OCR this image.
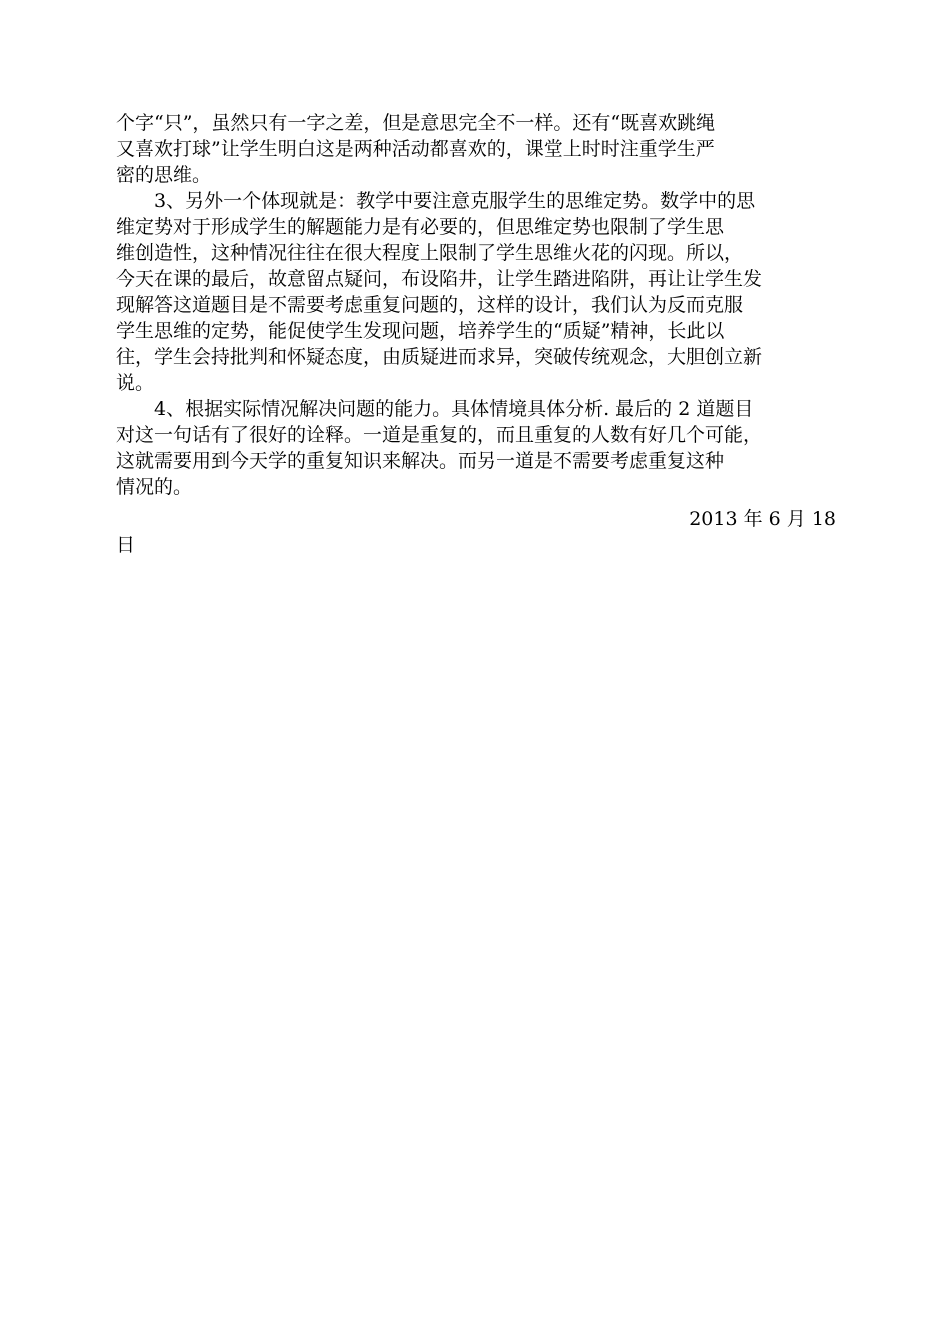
个字“只”，虽然只有一字之差，但是意思完全不一样。还有“既喜欢跳绳
又喜欢打球”让学生明白这是两种活动都喜欢的，课堂上时时注重学生严
密的思维。
3、另外一个体现就是：教学中要注意克服学生的思维定势。数学中的思
维定势对于形成学生的解题能力是有必要的，但思维定势也限制了学生思
维创造性，这种情况往往在很大程度上限制了学生思维火花的闪现。所以，
今天在课的最后，故意留点疑问，布设陷井，让学生踏进陷阱，再让让学生发
现解答这道题目是不需要考虑重复问题的，这样的设计，我们认为反而克服
学生思维的定势，能促使学生发现问题，培养学生的“质疑”精神，长此以
往，学生会持批判和怀疑态度，由质疑进而求异，突破传统观念，大胆创立新
说。
4、根据实际情况解决问题的能力。具体情境具体分析. 最后的 2 道题目
对这一句话有了很好的诠释。一道是重复的，而且重复的人数有好几个可能，
这就需要用到今天学的重复知识来解决。而另一道是不需要考虑重复这种
情况的。
2013 年 6 月 18
日
